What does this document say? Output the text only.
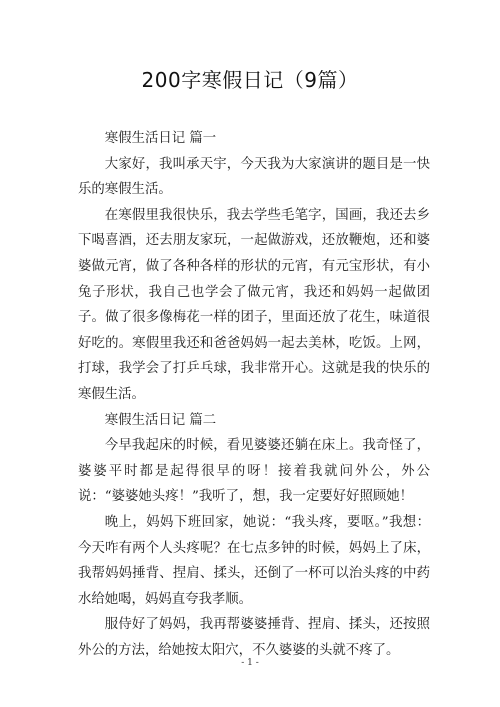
200字寒假日记（9篇）

寒假生活日记 篇一

大家好，我叫承天宇，今天我为大家演讲的题目是一快乐的寒假生活。

在寒假里我很快乐，我去学些毛笔字，国画，我还去乡下喝喜酒，还去朋友家玩，一起做游戏，还放鞭炮，还和婆婆做元宵，做了各种各样的形状的元宵，有元宝形状，有小兔子形状，我自己也学会了做元宵，我还和妈妈一起做团子。做了很多像梅花一样的团子，里面还放了花生，味道很好吃的。寒假里我还和爸爸妈妈一起去美林，吃饭。上网，打球，我学会了打乒乓球，我非常开心。这就是我的快乐的寒假生活。

寒假生活日记 篇二

今早我起床的时候，看见婆婆还躺在床上。我奇怪了，婆婆平时都是起得很早的呀！接着我就问外公，外公说：“婆婆她头疼！”我听了，想，我一定要好好照顾她！

晚上，妈妈下班回家，她说：“我头疼，要呕。”我想：今天咋有两个人头疼呢？在七点多钟的时候，妈妈上了床，我帮妈妈捶背、捏肩、揉头，还倒了一杯可以治头疼的中药水给她喝，妈妈直夸我孝顺。

服侍好了妈妈，我再帮婆婆捶背、捏肩、揉头，还按照外公的方法，给她按太阳穴，不久婆婆的头就不疼了。

- 1 -
